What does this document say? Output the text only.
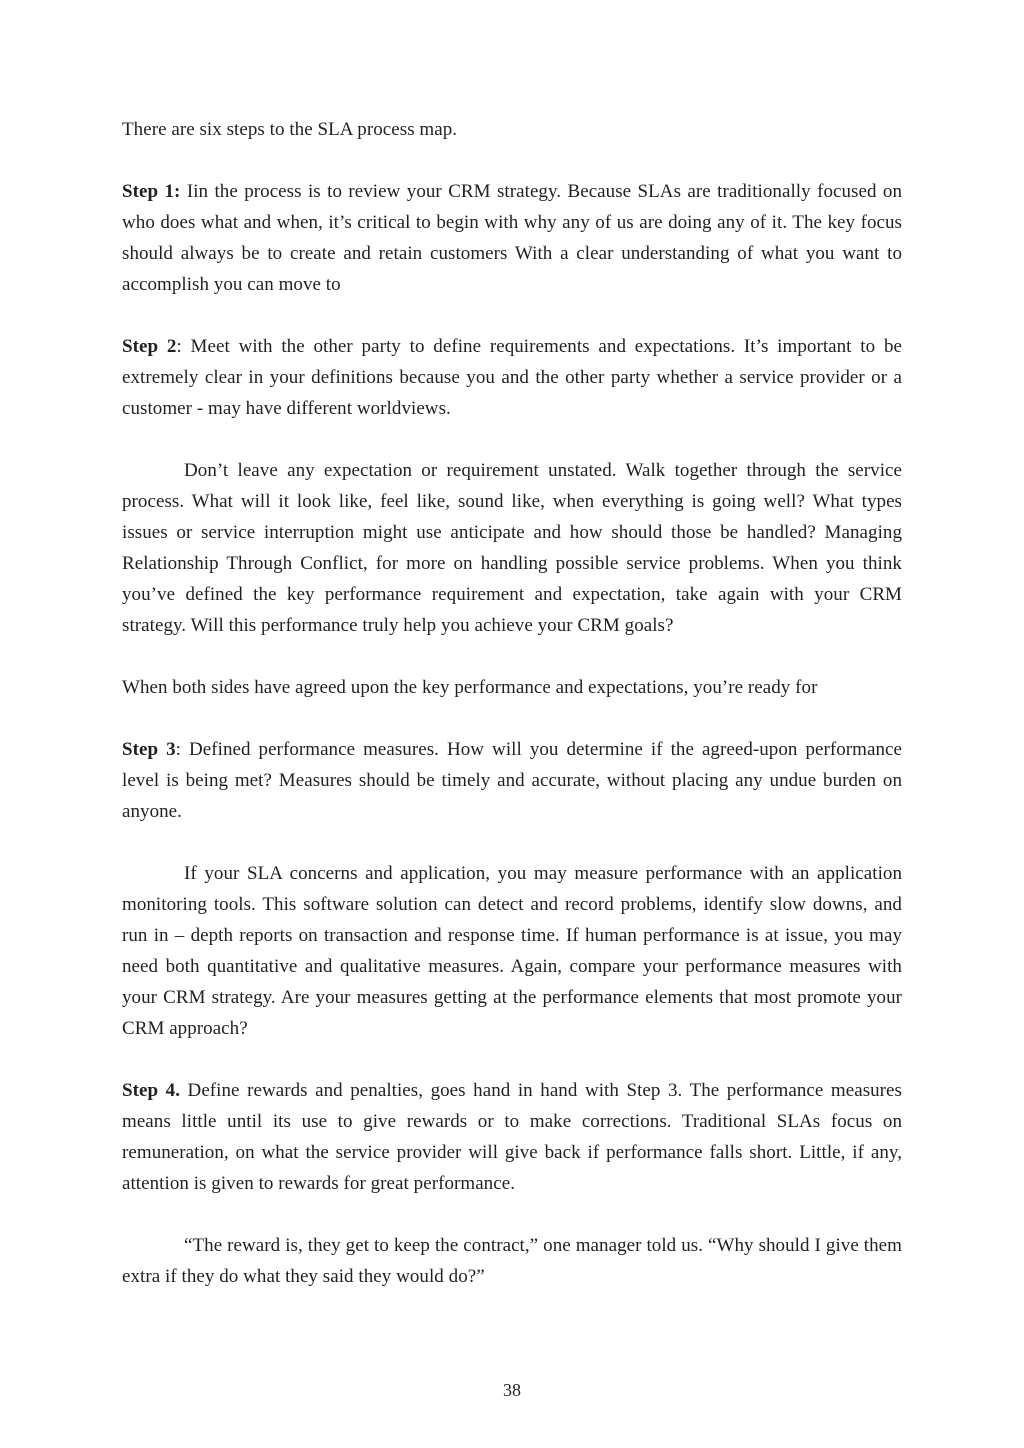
There are six steps to the SLA process map.

Step 1: Iin the process is to review your CRM strategy. Because SLAs are traditionally focused on who does what and when, it’s critical to begin with why any of us are doing any of it. The key focus should always be to create and retain customers With a clear understanding of what you want to accomplish you can move to

Step 2: Meet with the other party to define requirements and expectations. It’s important to be extremely clear in your definitions because you and the other party whether a service provider or a customer - may have different worldviews.

Don’t leave any expectation or requirement unstated. Walk together through the service process. What will it look like, feel like, sound like, when everything is going well? What types issues or service interruption might use anticipate and how should those be handled? Managing Relationship Through Conflict, for more on handling possible service problems. When you think you’ve defined the key performance requirement and expectation, take again with your CRM strategy. Will this performance truly help you achieve your CRM goals?

When both sides have agreed upon the key performance and expectations, you’re ready for

Step 3: Defined performance measures. How will you determine if the agreed-upon performance level is being met? Measures should be timely and accurate, without placing any undue burden on anyone.

If your SLA concerns and application, you may measure performance with an application monitoring tools. This software solution can detect and record problems, identify slow downs, and run in – depth reports on transaction and response time. If human performance is at issue, you may need both quantitative and qualitative measures. Again, compare your performance measures with your CRM strategy. Are your measures getting at the performance elements that most promote your CRM approach?

Step 4. Define rewards and penalties, goes hand in hand with Step 3. The performance measures means little until its use to give rewards or to make corrections. Traditional SLAs focus on remuneration, on what the service provider will give back if performance falls short. Little, if any, attention is given to rewards for great performance.

“The reward is, they get to keep the contract,” one manager told us. “Why should I give them extra if they do what they said they would do?”

38
